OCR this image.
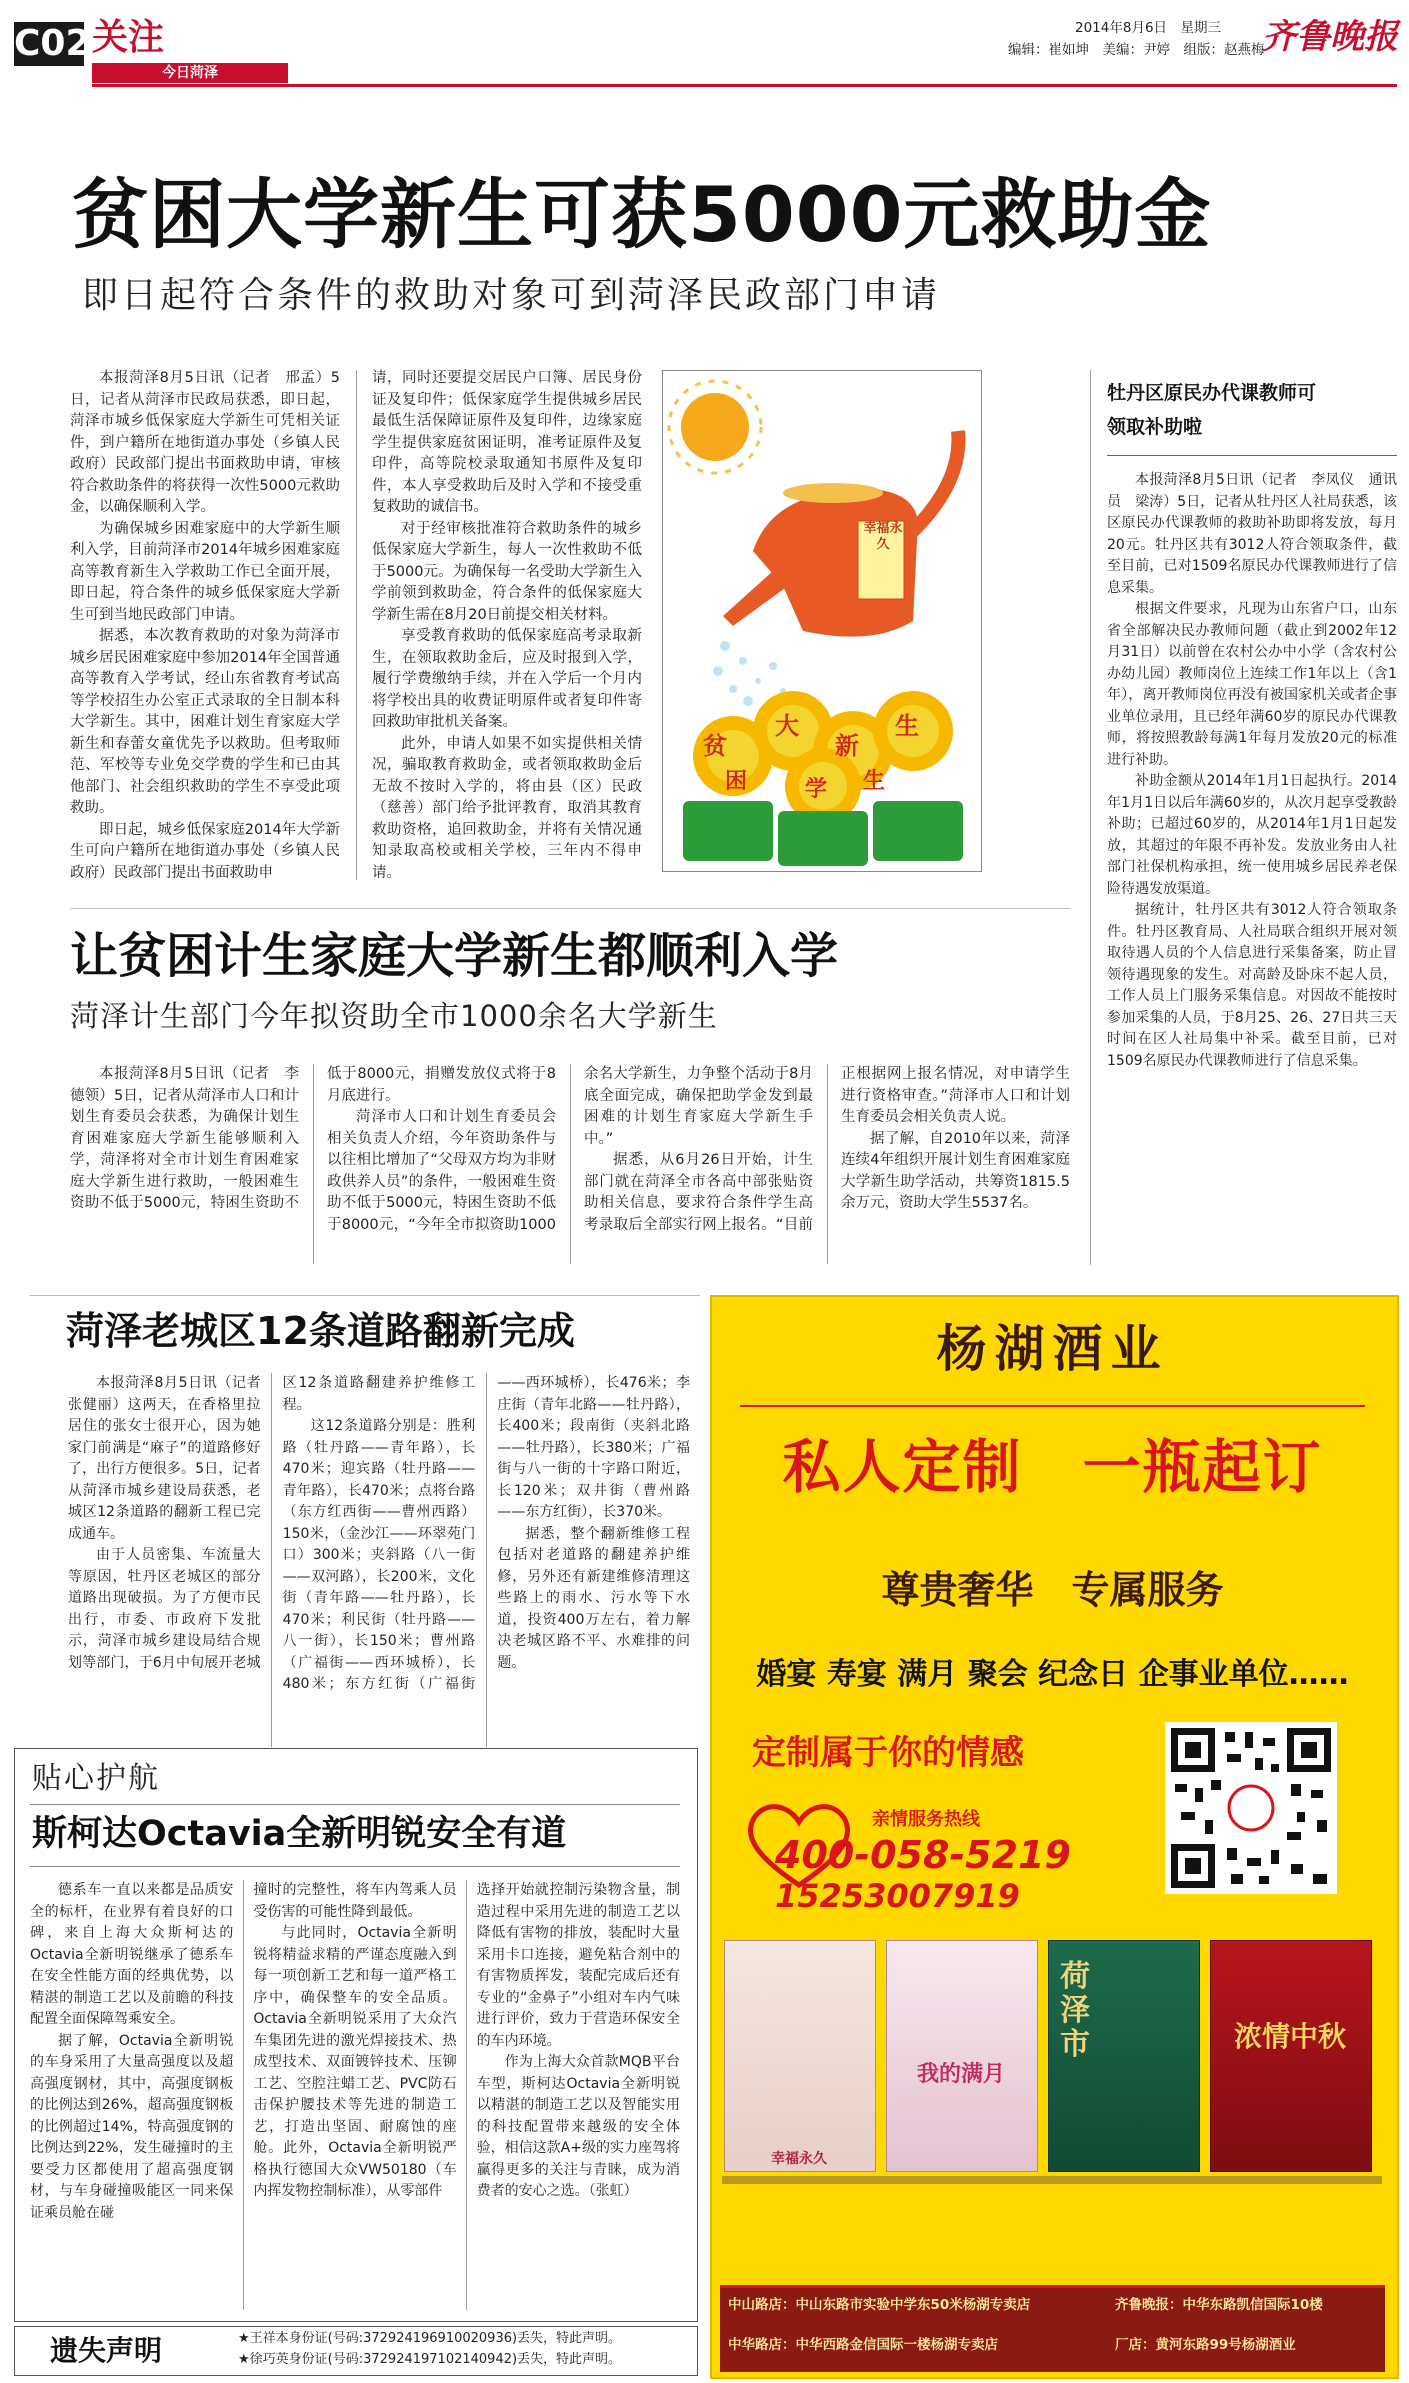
C02 关注
今日菏泽
2014年8月6日　星期三
编辑：崔如坤　美编：尹婷　组版：赵燕梅
齐鲁晚报
贫困大学新生可获5000元救助金
即日起符合条件的救助对象可到菏泽民政部门申请

本报菏泽8月5日讯（记者　邢孟）5日，记者从菏泽市民政局获悉，即日起，菏泽市城乡低保家庭大学新生可凭相关证件，到户籍所在地街道办事处（乡镇人民政府）民政部门提出书面救助申请，审核符合救助条件的将获得一次性5000元救助金，以确保顺利入学。

为确保城乡困难家庭中的大学新生顺利入学，目前菏泽市2014年城乡困难家庭高等教育新生入学救助工作已全面开展，即日起，符合条件的城乡低保家庭大学新生可到当地民政部门申请。

据悉，本次教育救助的对象为菏泽市城乡居民困难家庭中参加2014年全国普通高等教育入学考试，经山东省教育考试高等学校招生办公室正式录取的全日制本科大学新生。其中，困难计划生育家庭大学新生和春蕾女童优先予以救助。但考取师范、军校等专业免交学费的学生和已由其他部门、社会组织救助的学生不享受此项救助。

即日起，城乡低保家庭2014年大学新生可向户籍所在地街道办事处（乡镇人民政府）民政部门提出书面救助申

请，同时还要提交居民户口簿、居民身份证及复印件；低保家庭学生提供城乡居民最低生活保障证原件及复印件，边缘家庭学生提供家庭贫困证明，准考证原件及复印件，高等院校录取通知书原件及复印件，本人享受救助后及时入学和不接受重复救助的诚信书。

对于经审核批准符合救助条件的城乡低保家庭大学新生，每人一次性救助不低于5000元。为确保每一名受助大学新生入学前领到救助金，符合条件的低保家庭大学新生需在8月20日前提交相关材料。

享受教育救助的低保家庭高考录取新生，在领取救助金后，应及时报到入学，履行学费缴纳手续，并在入学后一个月内将学校出具的收费证明原件或者复印件寄回救助审批机关备案。

此外，申请人如果不如实提供相关情况，骗取教育救助金，或者领取救助金后无故不按时入学的，将由县（区）民政（慈善）部门给予批评教育，取消其教育救助资格，追回救助金，并将有关情况通知录取高校或相关学校，三年内不得申请。

幸福永久
贫
大
新
生
困	学 生
牡丹区原民办代课教师可领取补助啦

本报菏泽8月5日讯（记者　李凤仪　通讯员　梁涛）5日，记者从牡丹区人社局获悉，该区原民办代课教师的救助补助即将发放，每月20元。牡丹区共有3012人符合领取条件，截至目前，已对1509名原民办代课教师进行了信息采集。

根据文件要求，凡现为山东省户口，山东省全部解决民办教师问题（截止到2002年12月31日）以前曾在农村公办中小学（含农村公办幼儿园）教师岗位上连续工作1年以上（含1年），离开教师岗位再没有被国家机关或者企事业单位录用，且已经年满60岁的原民办代课教师，将按照教龄每满1年每月发放20元的标准进行补助。

补助金额从2014年1月1日起执行。2014年1月1日以后年满60岁的，从次月起享受教龄补助；已超过60岁的，从2014年1月1日起发放，其超过的年限不再补发。发放业务由人社部门社保机构承担，统一使用城乡居民养老保险待遇发放渠道。

据统计，牡丹区共有3012人符合领取条件。牡丹区教育局、人社局联合组织开展对领取待遇人员的个人信息进行采集备案，防止冒领待遇现象的发生。对高龄及卧床不起人员，工作人员上门服务采集信息。对因故不能按时参加采集的人员，于8月25、26、27日共三天时间在区人社局集中补采。截至目前，已对1509名原民办代课教师进行了信息采集。

让贫困计生家庭大学新生都顺利入学
菏泽计生部门今年拟资助全市1000余名大学新生

本报菏泽8月5日讯（记者　李德领）5日，记者从菏泽市人口和计划生育委员会获悉，为确保计划生育困难家庭大学新生能够顺利入学，菏泽将对全市计划生育困难家庭大学新生进行救助，一般困难生资助不低于5000元，特困生资助不低于8000元，捐赠发放仪式将于8月底进行。

菏泽市人口和计划生育委员会相关负责人介绍，今年资助条件与以往相比增加了“父母双方均为非财政供养人员”的条件，一般困难生资助不低于5000元，特困生资助不低于8000元，“今年全市拟资助1000余名大学新生，力争整个活动于8月底全面完成，确保把助学金发到最困难的计划生育家庭大学新生手中。”

据悉，从6月26日开始，计生部门就在菏泽全市各高中部张贴资助相关信息，要求符合条件学生高考录取后全部实行网上报名。“目前正根据网上报名情况，对申请学生进行资格审查。”菏泽市人口和计划生育委员会相关负责人说。

据了解，自2010年以来，菏泽连续4年组织开展计划生育困难家庭大学新生助学活动，共筹资1815.5余万元，资助大学生5537名。

菏泽老城区12条道路翻新完成

本报菏泽8月5日讯（记者　张健丽）这两天，在香格里拉居住的张女士很开心，因为她家门前满是“麻子”的道路修好了，出行方便很多。5日，记者从菏泽市城乡建设局获悉，老城区12条道路的翻新工程已完成通车。

由于人员密集、车流量大等原因，牡丹区老城区的部分道路出现破损。为了方便市民出行，市委、市政府下发批示，菏泽市城乡建设局结合规划等部门，于6月中旬展开老城区12条道路翻建养护维修工程。

这12条道路分别是：胜利路（牡丹路——青年路），长470米；迎宾路（牡丹路——青年路），长470米；点将台路（东方红西街——曹州西路）150米，（金沙江——环翠苑门口）300米；夹斜路（八一街——双河路），长200米，文化街（青年路——牡丹路），长470米；利民街（牡丹路——八一街），长150米；曹州路（广福街——西环城桥），长480米；东方红街（广福街——西环城桥），长476米；李庄街（青年北路——牡丹路），长400米；段南街（夹斜北路——牡丹路），长380米；广福街与八一街的十字路口附近，长120米；双井街（曹州路——东方红街），长370米。

据悉，整个翻新维修工程包括对老道路的翻建养护维修，另外还有新建维修清理这些路上的雨水、污水等下水道，投资400万左右，着力解决老城区路不平、水难排的问题。

贴心护航
斯柯达Octavia全新明锐安全有道

德系车一直以来都是品质安全的标杆，在业界有着良好的口碑，来自上海大众斯柯达的Octavia全新明锐继承了德系车在安全性能方面的经典优势，以精湛的制造工艺以及前瞻的科技配置全面保障驾乘安全。

据了解，Octavia全新明锐的车身采用了大量高强度以及超高强度钢材，其中，高强度钢板的比例达到26%，超高强度钢板的比例超过14%，特高强度钢的比例达到22%，发生碰撞时的主要受力区都使用了超高强度钢材，与车身碰撞吸能区一同来保证乘员舱在碰

撞时的完整性，将车内驾乘人员受伤害的可能性降到最低。

与此同时，Octavia全新明锐将精益求精的严谨态度融入到每一项创新工艺和每一道严格工序中，确保整车的安全品质。Octavia全新明锐采用了大众汽车集团先进的激光焊接技术、热成型技术、双面镀锌技术、压铆工艺、空腔注蜡工艺、PVC防石击保护腰技术等先进的制造工艺，打造出坚固、耐腐蚀的座舱。此外，Octavia全新明锐严格执行德国大众VW50180（车内挥发物控制标准），从零部件

选择开始就控制污染物含量，制造过程中采用先进的制造工艺以降低有害物的排放，装配时大量采用卡口连接，避免粘合剂中的有害物质挥发，装配完成后还有专业的“金鼻子”小组对车内气味进行评价，致力于营造环保安全的车内环境。

作为上海大众首款MQB平台车型，斯柯达Octavia全新明锐以精湛的制造工艺以及智能实用的科技配置带来越级的安全体验，相信这款A+级的实力座驾将赢得更多的关注与青睐，成为消费者的安心之选。（张虹）

遗失声明	★王祥本身份证(号码:372924196910020936)丢失，特此声明。
★徐巧英身份证(号码:372924197102140942)丢失，特此声明。
杨湖酒业
私人定制　一瓶起订
尊贵奢华　专属服务
婚宴 寿宴 满月 聚会 纪念日 企事业单位……
定制属于你的情感
亲情服务热线
400-058-5219
15253007919
幸福永久
我的满月
荷泽市	浓情中秋
中山路店：中山东路市实验中学东50米杨湖专卖店	齐鲁晚报：中华东路凯信国际10楼
中华路店：中华西路金信国际一楼杨湖专卖店	厂店：黄河东路99号杨湖酒业
